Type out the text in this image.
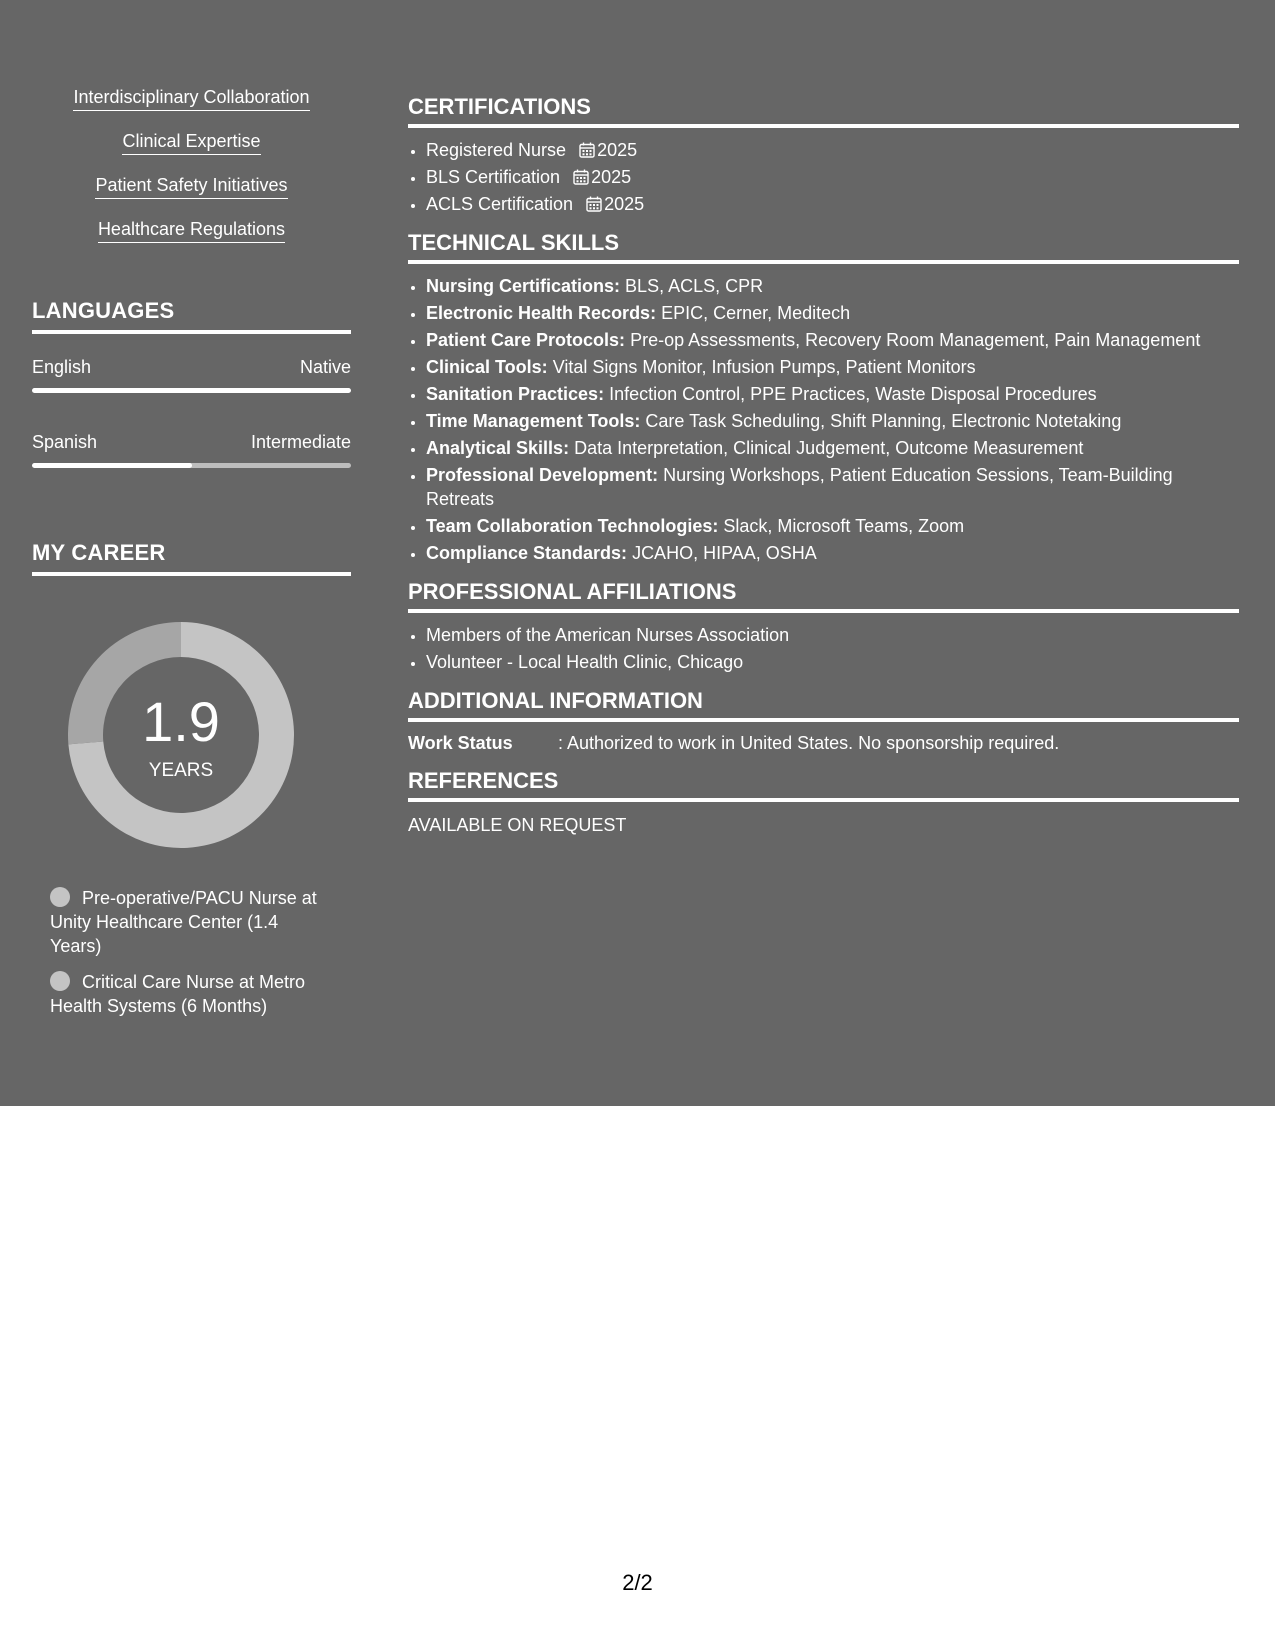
Interdisciplinary Collaboration
Clinical Expertise
Patient Safety Initiatives
Healthcare Regulations
LANGUAGES
English	Native
Spanish	Intermediate
MY CAREER
1.9
YEARS
Pre-operative/PACU Nurse at Unity Healthcare Center (1.4 Years)
Critical Care Nurse at Metro Health Systems (6 Months)
CERTIFICATIONS
• Registered Nurse 2025
• BLS Certification 2025
• ACLS Certification 2025
TECHNICAL SKILLS
• Nursing Certifications: BLS, ACLS, CPR
• Electronic Health Records: EPIC, Cerner, Meditech
• Patient Care Protocols: Pre-op Assessments, Recovery Room Management, Pain Management
• Clinical Tools: Vital Signs Monitor, Infusion Pumps, Patient Monitors
• Sanitation Practices: Infection Control, PPE Practices, Waste Disposal Procedures
• Time Management Tools: Care Task Scheduling, Shift Planning, Electronic Notetaking
• Analytical Skills: Data Interpretation, Clinical Judgement, Outcome Measurement
• Professional Development: Nursing Workshops, Patient Education Sessions, Team-Building Retreats
• Team Collaboration Technologies: Slack, Microsoft Teams, Zoom
• Compliance Standards: JCAHO, HIPAA, OSHA
PROFESSIONAL AFFILIATIONS
• Members of the American Nurses Association
• Volunteer - Local Health Clinic, Chicago
ADDITIONAL INFORMATION
Work Status	: Authorized to work in United States. No sponsorship required.
REFERENCES
AVAILABLE ON REQUEST
2/2
